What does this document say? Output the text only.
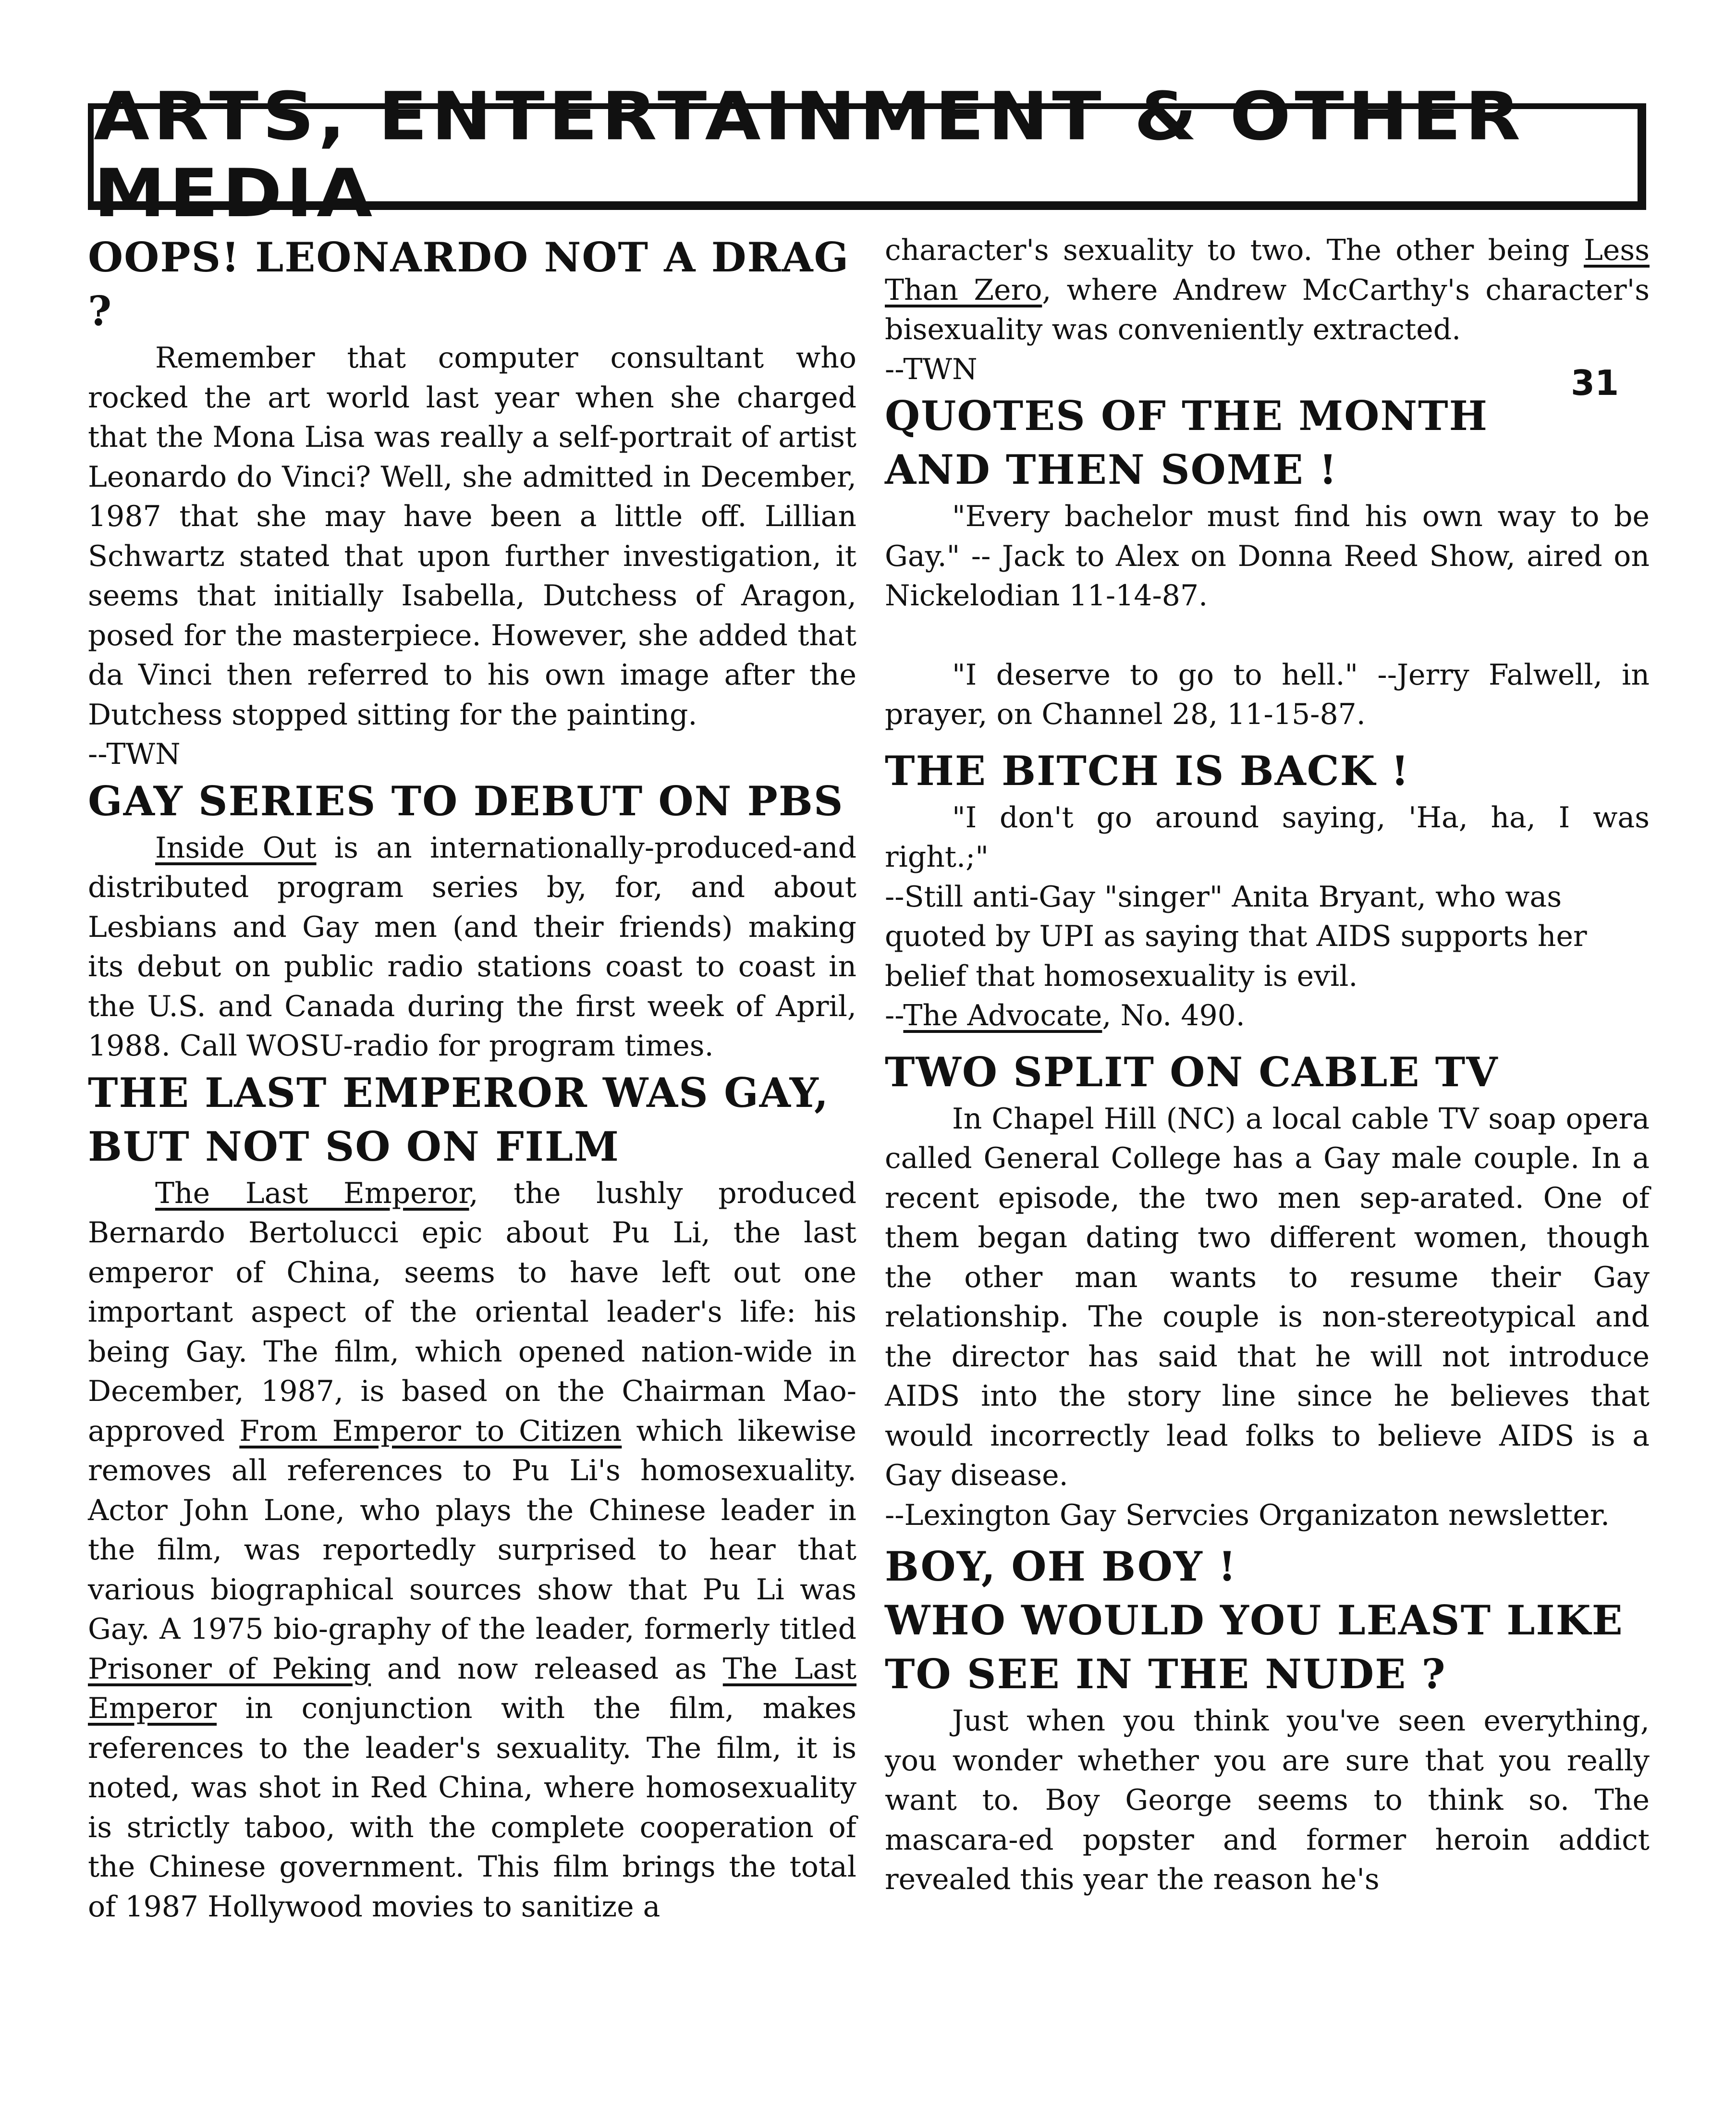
ARTS, ENTERTAINMENT & OTHER MEDIA
31
OOPS! LEONARDO NOT A DRAG ?

Remember that computer consultant who rocked the art world last year when she charged that the Mona Lisa was really a self-portrait of artist Leonardo do Vinci? Well, she admitted in December, 1987 that she may have been a little off. Lillian Schwartz stated that upon further investigation, it seems that initially Isabella, Dutchess of Aragon, posed for the masterpiece. However, she added that da Vinci then referred to his own image after the Dutchess stopped sitting for the painting.

--TWN

GAY SERIES TO DEBUT ON PBS

Inside Out is an internationally-produced-and distributed program series by, for, and about Lesbians and Gay men (and their friends) making its debut on public radio stations coast to coast in the U.S. and Canada during the first week of April, 1988. Call WOSU-radio for program times.

THE LAST EMPEROR WAS GAY,
BUT NOT SO ON FILM

The Last Emperor, the lushly produced Bernardo Bertolucci epic about Pu Li, the last emperor of China, seems to have left out one important aspect of the oriental leader's life: his being Gay. The film, which opened nation-wide in December, 1987, is based on the Chairman Mao-approved From Emperor to Citizen which likewise removes all references to Pu Li's homosexuality. Actor John Lone, who plays the Chinese leader in the film, was reportedly surprised to hear that various biographical sources show that Pu Li was Gay. A 1975 bio-graphy of the leader, formerly titled Prisoner of Peking and now released as The Last Emperor in conjunction with the film, makes references to the leader's sexuality. The film, it is noted, was shot in Red China, where homosexuality is strictly taboo, with the complete cooperation of the Chinese government. This film brings the total of 1987 Hollywood movies to sanitize a

character's sexuality to two. The other being Less Than Zero, where Andrew McCarthy's character's bisexuality was conveniently extracted.

--TWN

QUOTES OF THE MONTH
AND THEN SOME !

"Every bachelor must find his own way to be Gay." -- Jack to Alex on Donna Reed Show, aired on Nickelodian 11-14-87.

"I deserve to go to hell." --Jerry Falwell, in prayer, on Channel 28, 11-15-87.

THE BITCH IS BACK !

"I don't go around saying, 'Ha, ha, I was right.;"

--Still anti-Gay "singer" Anita Bryant, who was quoted by UPI as saying that AIDS supports her belief that homosexuality is evil.

--The Advocate, No. 490.

TWO SPLIT ON CABLE TV

In Chapel Hill (NC) a local cable TV soap opera called General College has a Gay male couple. In a recent episode, the two men sep-arated. One of them began dating two different women, though the other man wants to resume their Gay relationship. The couple is non-stereotypical and the director has said that he will not introduce AIDS into the story line since he believes that would incorrectly lead folks to believe AIDS is a Gay disease.

--Lexington Gay Servcies Organizaton newsletter.

BOY, OH BOY !
WHO WOULD YOU LEAST LIKE
TO SEE IN THE NUDE ?

Just when you think you've seen everything, you wonder whether you are sure that you really want to. Boy George seems to think so. The mascara-ed popster and former heroin addict revealed this year the reason he's
